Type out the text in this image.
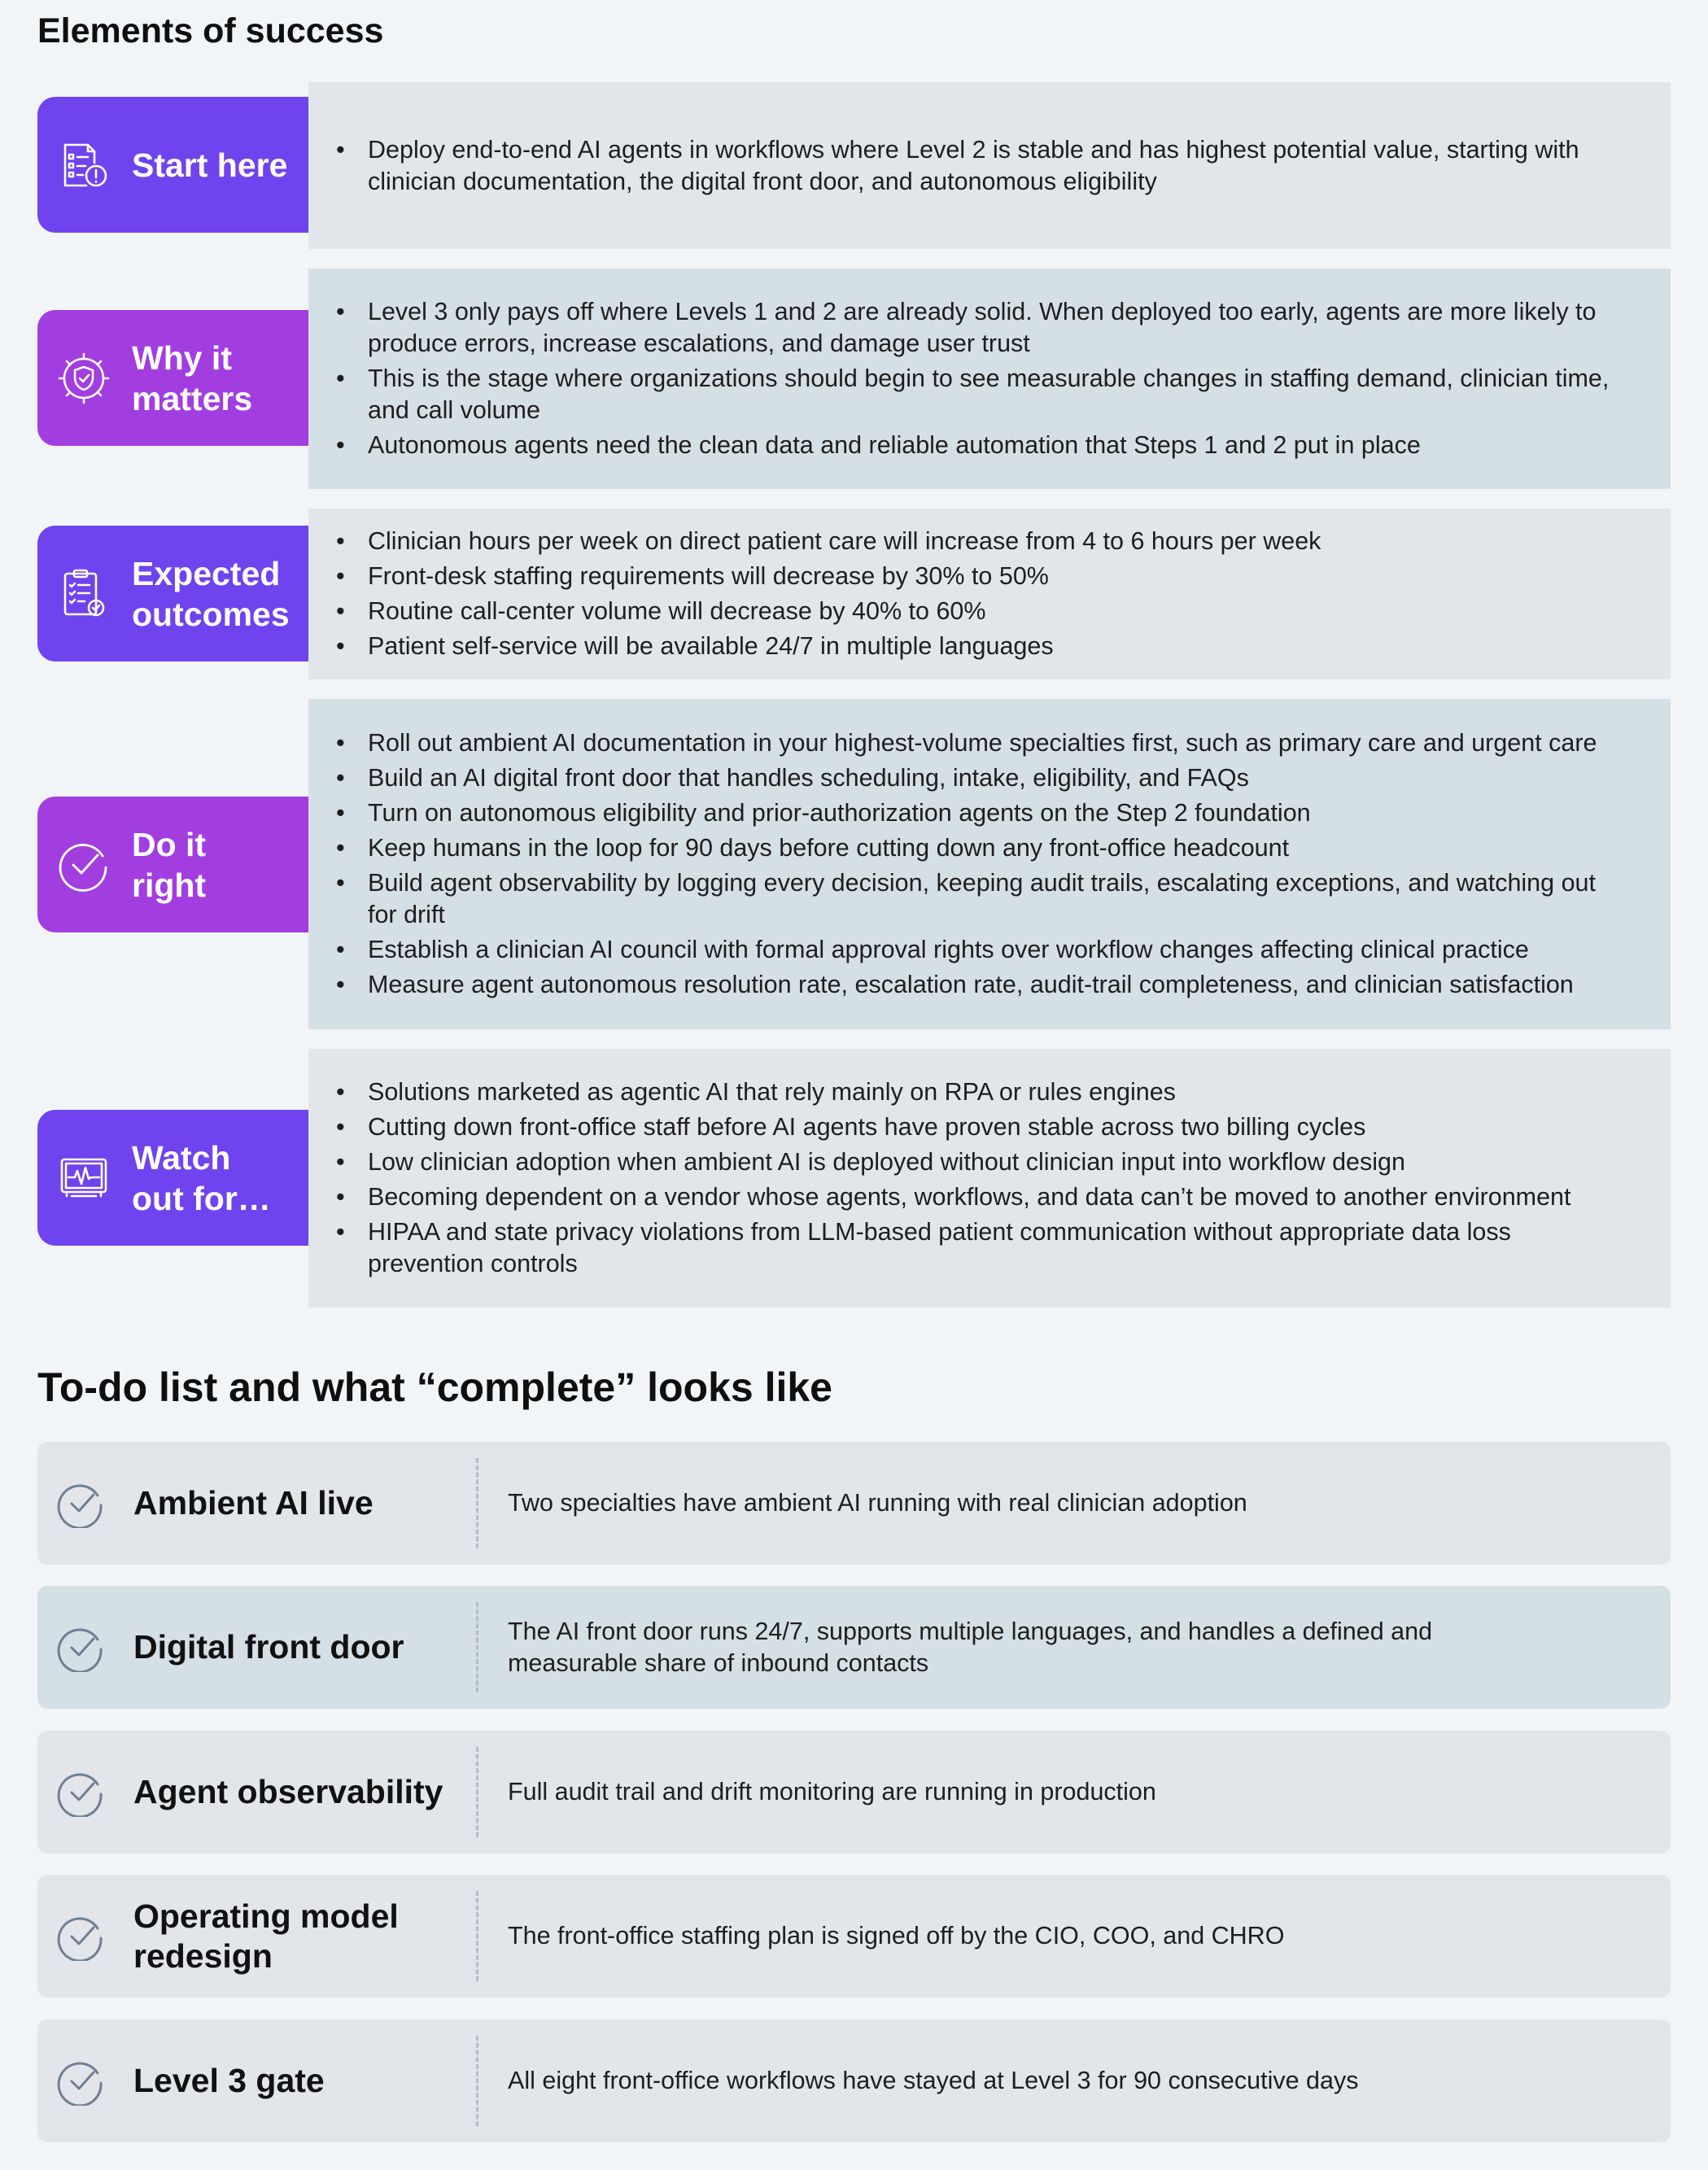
Elements of success
Start here
•	Deploy end-to-end AI agents in workflows where Level 2 is stable and has highest potential value, starting with clinician documentation, the digital front door, and autonomous eligibility
Why it
matters
• Level 3 only pays off where Levels 1 and 2 are already solid. When deployed too early, agents are more likely to produce errors, increase escalations, and damage user trust
• This is the stage where organizations should begin to see measurable changes in staffing demand, clinician time, and call volume
• Autonomous agents need the clean data and reliable automation that Steps 1 and 2 put in place
Expected
outcomes
• Clinician hours per week on direct patient care will increase from 4 to 6 hours per week
• Front-desk staffing requirements will decrease by 30% to 50%
• Routine call-center volume will decrease by 40% to 60%
• Patient self-service will be available 24/7 in multiple languages
Do it
right
• Roll out ambient AI documentation in your highest-volume specialties first, such as primary care and urgent care
• Build an AI digital front door that handles scheduling, intake, eligibility, and FAQs
• Turn on autonomous eligibility and prior-authorization agents on the Step 2 foundation
• Keep humans in the loop for 90 days before cutting down any front-office headcount
• Build agent observability by logging every decision, keeping audit trails, escalating exceptions, and watching out for drift
• Establish a clinician AI council with formal approval rights over workflow changes affecting clinical practice
• Measure agent autonomous resolution rate, escalation rate, audit-trail completeness, and clinician satisfaction
Watch
out for…
• Solutions marketed as agentic AI that rely mainly on RPA or rules engines
• Cutting down front-office staff before AI agents have proven stable across two billing cycles
• Low clinician adoption when ambient AI is deployed without clinician input into workflow design
• Becoming dependent on a vendor whose agents, workflows, and data can’t be moved to another environment
• HIPAA and state privacy violations from LLM-based patient communication without appropriate data loss prevention controls
To-do list and what “complete” looks like
Ambient AI live	Two specialties have ambient AI running with real clinician adoption
Digital front door	The AI front door runs 24/7, supports multiple languages, and handles a defined and measurable share of inbound contacts
Agent observability	Full audit trail and drift monitoring are running in production
Operating model
redesign
The front-office staffing plan is signed off by the CIO, COO, and CHRO
Level 3 gate	All eight front-office workflows have stayed at Level 3 for 90 consecutive days
